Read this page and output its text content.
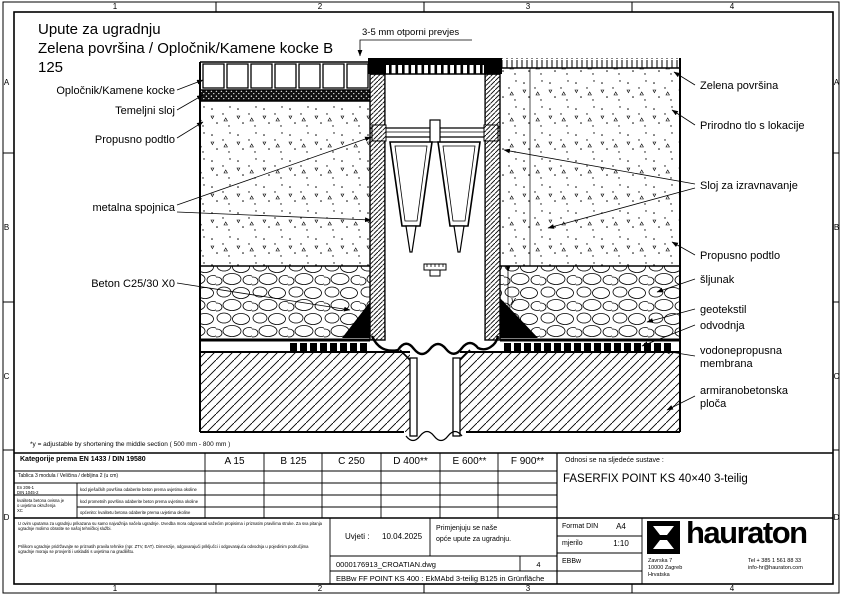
1	2	3	4
1	2	3	4
A
B
C
D
A
B
C
D
Upute za ugradnju
Zelena površina / Opločnik/Kamene kocke B
125
3-5 mm otporni prevjes
Opločnik/Kamene kocke
Temeljni sloj
Propusno podtlo
metalna spojnica
Beton C25/30 X0
Zelena površina
Prirodno tlo s lokacije
Sloj za izravnavanje
Propusno podtlo
šljunak
geotekstil
odvodnja
vodonepropusna membrana
armiranobetonska ploča
y
*y = adjustable by shortening the middle section ( 500 mm - 800 mm )
Kategorije prema EN 1433 / DIN 19580	A 15	B 125	C 250	D 400**	E 600**	F 900**
Tablica 3 modula / Veličina / debljina 2 (u cm)
En 206-1
DIN 1045-2
kvaliteta betona ovisna je
o uvjetima okruženja
XC
kod pješačkih površina odaberite beton prema uvjetima okoline
kod prometnih površina odaberite beton prema uvjetima okoline
općenito: kvalitetu betona odaberite prema uvjetima okoline
Odnosi se na sljedeće sustave :
FASERFIX POINT KS 40×40 3-teilig
U ovim uputama za ugradnju prikazana su samo najvažnija načela ugradnje. Izvedba mora odgovarati važećim propisima i priznatim pravilima struke. Za sva pitanja ugradnje molimo obratite se našoj tehničkoj službi.
Prilikom ugradnje pridržavajte se priznatih pravila tehnike (npr. ZTV, EAT). Dimenzije, odgovarajući priključci i odgovarajuća odvodnja u pojedinim područjima ugradnje moraju se provjeriti i uskladiti s uvjetima na gradilištu.
Uvjeti : 10.04.2025
Primjenjuju se naše
opće upute za ugradnju.
Format DIN	A4
mjerilo	1:10
EBBw
0000176913_CROATIAN.dwg	4
EBBw FF POINT KS 400 : EkMAbd 3-teilig B125 in Grünfläche
hauraton
Zavrska 7
10000 Zagreb
Hrvatska
Tel + 385 1 561 88 33
info-hr@hauraton.com
